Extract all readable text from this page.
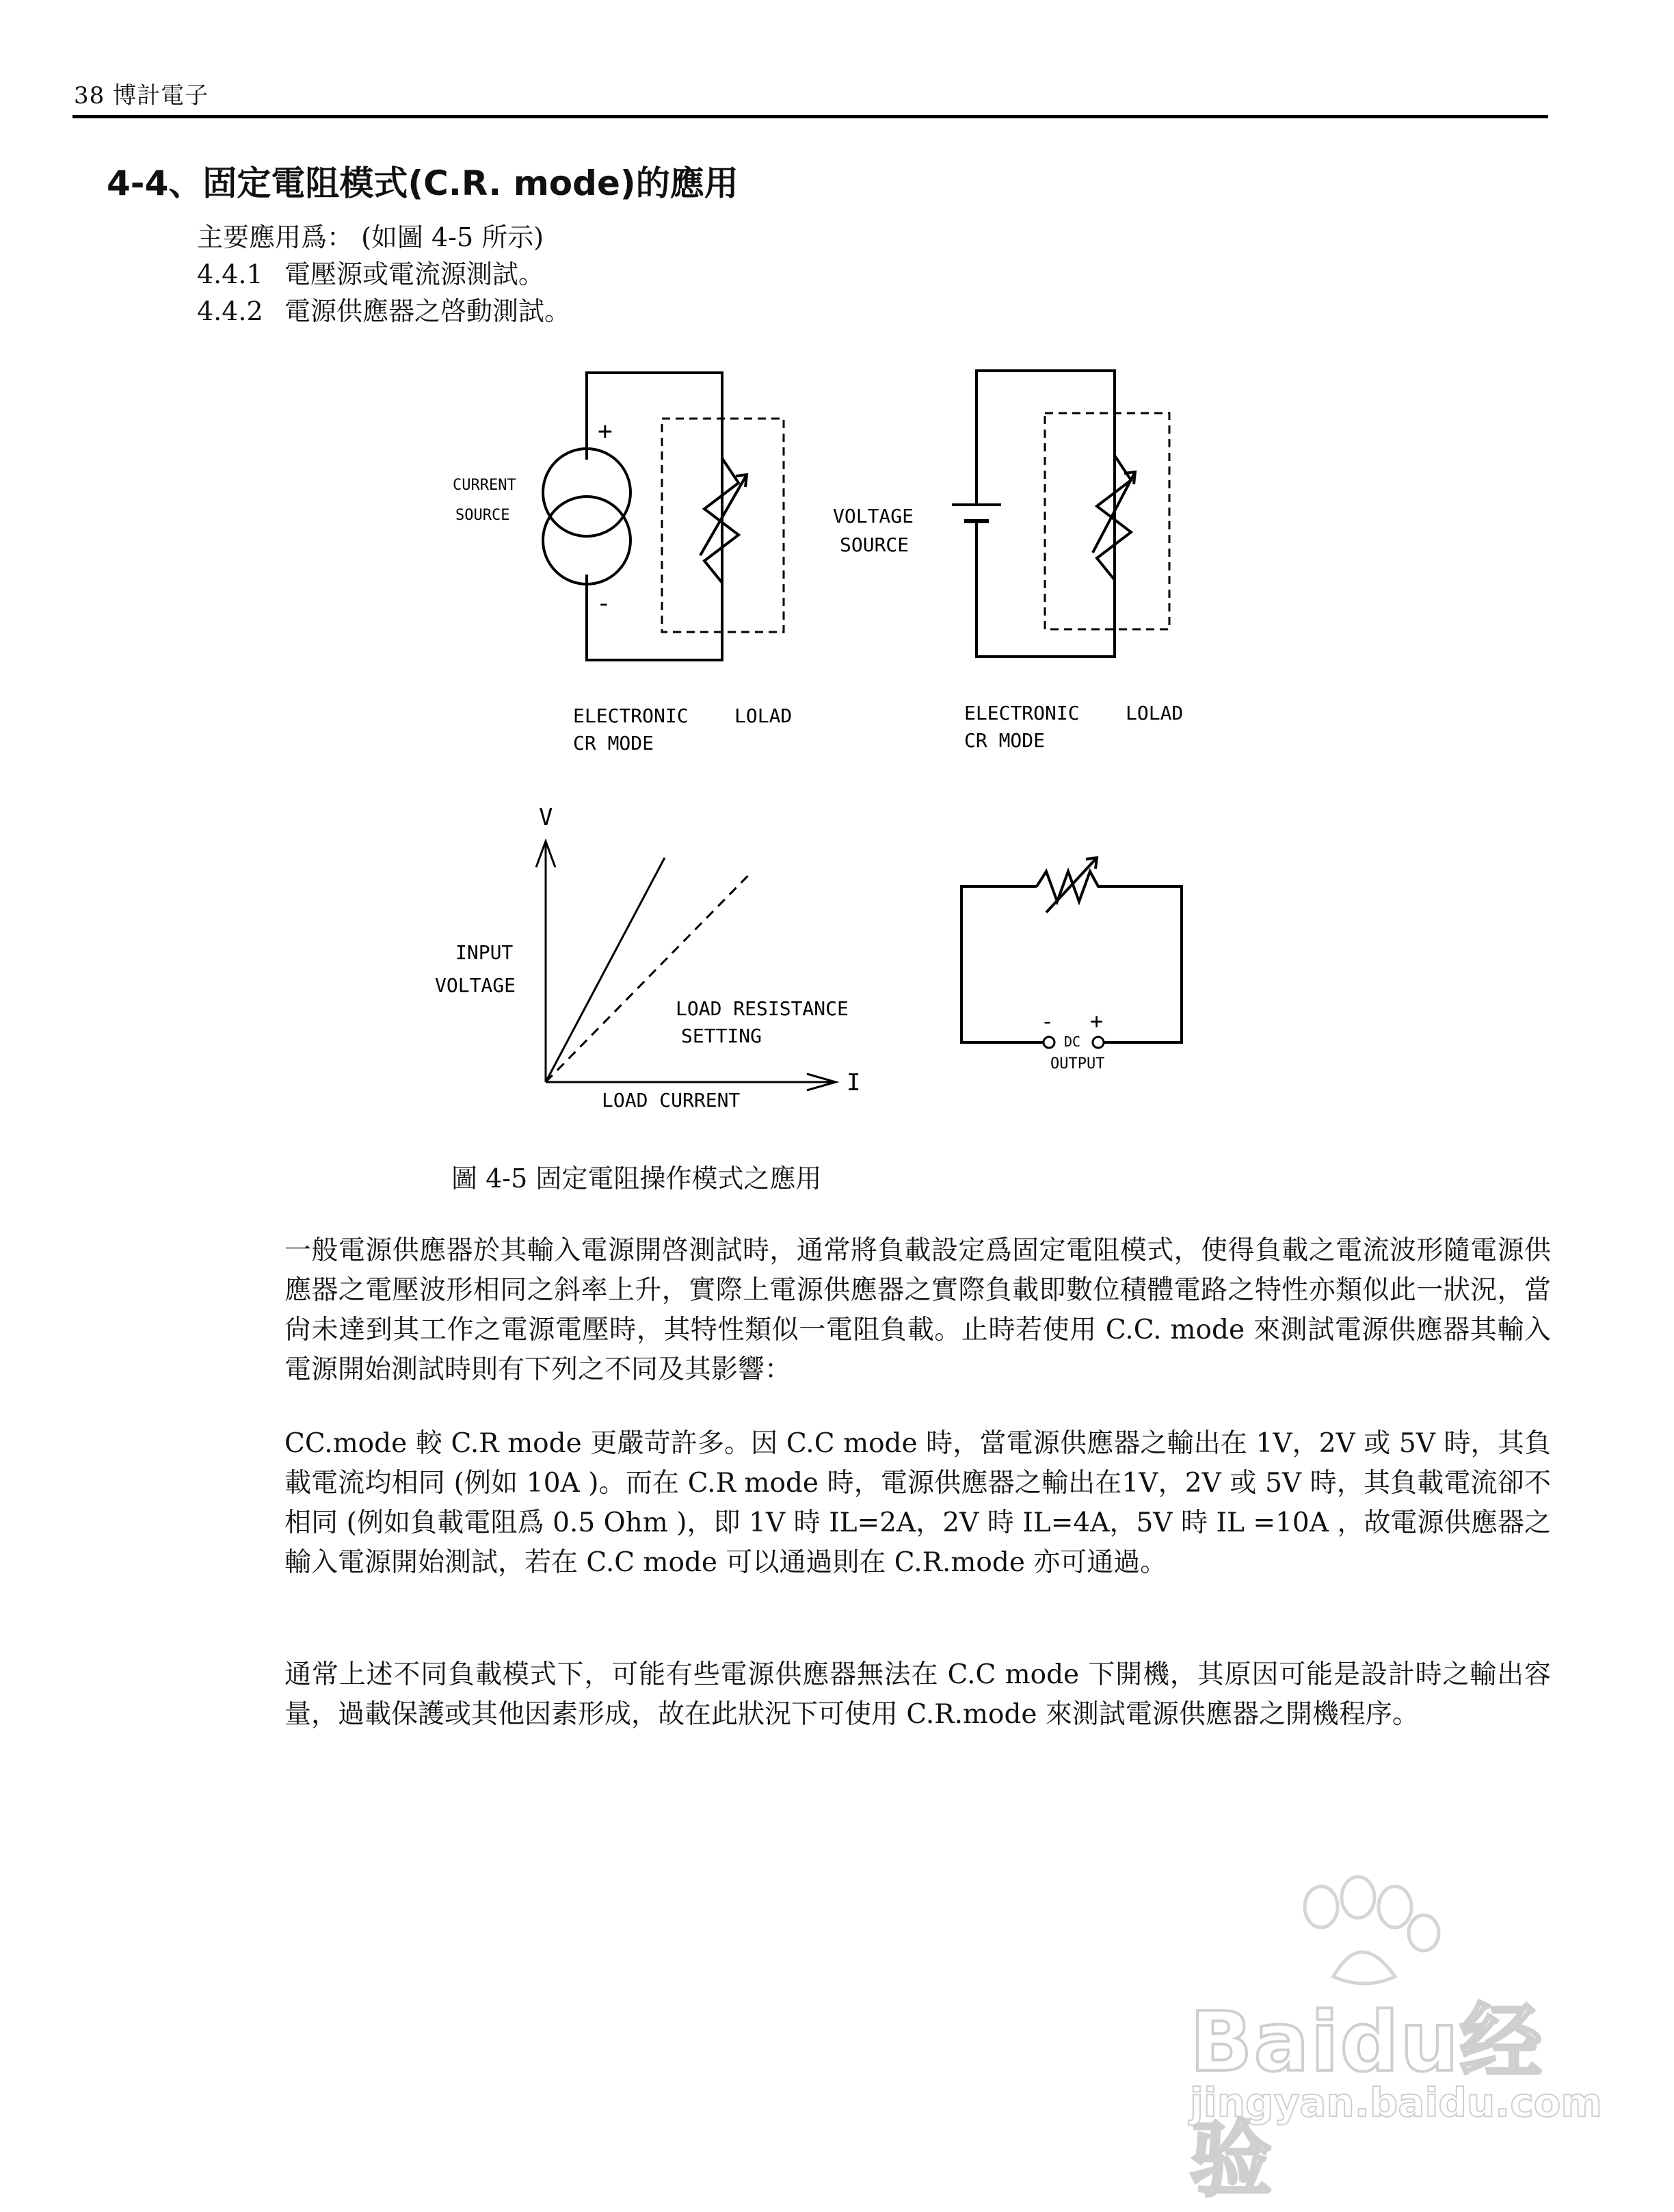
38 博計電子
4-4、固定電阻模式(C.R. mode)的應用
主要應用爲： (如圖 4-5 所示)
4.4.1 電壓源或電流源測試。
4.4.2 電源供應器之啓動測試。
+
-
CURRENT
SOURCE
ELECTRONIC    LOLAD
CR MODE
VOLTAGE
SOURCE
ELECTRONIC    LOLAD
CR MODE
V
I
INPUT
VOLTAGE
LOAD CURRENT
LOAD RESISTANCE
SETTING
- +
DC
OUTPUT
圖 4-5 固定電阻操作模式之應用

一般電源供應器於其輸入電源開啓測試時，通常將負載設定爲固定電阻模式，使得負載之電流波形隨電源供應器之電壓波形相同之斜率上升，實際上電源供應器之實際負載即數位積體電路之特性亦類似此一狀況，當尙未達到其工作之電源電壓時，其特性類似一電阻負載。止時若使用 C.C. mode 來測試電源供應器其輸入電源開始測試時則有下列之不同及其影響：

CC.mode 較 C.R mode 更嚴苛許多。因 C.C mode 時，當電源供應器之輸出在 1V，2V 或 5V 時，其負載電流均相同 (例如 10A )。而在 C.R mode 時，電源供應器之輸出在1V，2V 或 5V 時，其負載電流卻不相同 (例如負載電阻爲 0.5 Ohm )，即 1V 時 IL=2A，2V 時 IL=4A，5V 時 IL =10A ，故電源供應器之輸入電源開始測試，若在 C.C mode 可以通過則在 C.R.mode 亦可通過。

通常上述不同負載模式下，可能有些電源供應器無法在 C.C mode 下開機，其原因可能是設計時之輸出容量，過載保護或其他因素形成，故在此狀況下可使用 C.R.mode 來測試電源供應器之開機程序。

Baidu经验
jingyan.baidu.com
